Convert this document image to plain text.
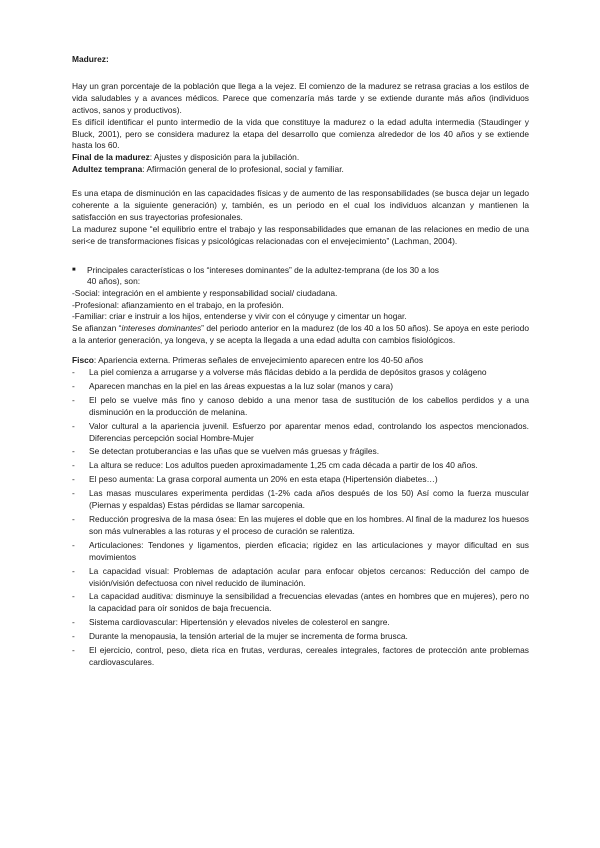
Madurez:

Hay un gran porcentaje de la población que llega a la vejez. El comienzo de la madurez se retrasa gracias a los estilos de vida saludables y a avances médicos. Parece que comenzaría más tarde y se extiende durante más años (individuos activos, sanos y productivos).

Es difícil identificar el punto intermedio de la vida que constituye la madurez o la edad adulta intermedia (Staudinger y Bluck, 2001), pero se considera madurez la etapa del desarrollo que comienza alrededor de los 40 años y se extiende hasta los 60.

Final de la madurez: Ajustes y disposición para la jubilación.

Adultez temprana: Afirmación general de lo profesional, social y familiar.

Es una etapa de disminución en las capacidades físicas y de aumento de las responsabilidades (se busca dejar un legado coherente a la siguiente generación) y, también, es un periodo en el cual los individuos alcanzan y mantienen la satisfacción en sus trayectorias profesionales.

La madurez supone “el equilibrio entre el trabajo y las responsabilidades que emanan de las relaciones en medio de una seri<e de transformaciones físicas y psicológicas relacionadas con el envejecimiento” (Lachman, 2004).

■ Principales características o los “intereses dominantes” de la adultez-temprana (de los 30 a los
40 años), son:

-Social: integración en el ambiente y responsabilidad social/ ciudadana.

-Profesional: afianzamiento en el trabajo, en la profesión.

-Familiar: criar e instruir a los hijos, entenderse y vivir con el cónyuge y cimentar un hogar.

Se afianzan “intereses dominantes” del periodo anterior en la madurez (de los 40 a los 50 años). Se apoya en este periodo a la anterior generación, ya longeva, y se acepta la llegada a una edad adulta con cambios fisiológicos.

Fisco: Apariencia externa. Primeras señales de envejecimiento aparecen entre los 40-50 años

- La piel comienza a arrugarse y a volverse más flácidas debido a la perdida de depósitos grasos y colágeno
- Aparecen manchas en la piel en las áreas expuestas a la luz solar (manos y cara)
- El pelo se vuelve más fino y canoso debido a una menor tasa de sustitución de los cabellos perdidos y a una disminución en la producción de melanina.
- Valor cultural a la apariencia juvenil. Esfuerzo por aparentar menos edad, controlando los aspectos mencionados. Diferencias percepción social Hombre-Mujer
- Se detectan protuberancias e las uñas que se vuelven más gruesas y frágiles.
- La altura se reduce: Los adultos pueden aproximadamente 1,25 cm cada década a partir de los 40 años.
- El peso aumenta: La grasa corporal aumenta un 20% en esta etapa (Hipertensión diabetes…)
- Las masas musculares experimenta perdidas (1-2% cada años después de los 50) Así como la fuerza muscular (Piernas y espaldas) Estas pérdidas se llamar sarcopenia.
- Reducción progresiva de la masa ósea: En las mujeres el doble que en los hombres. Al final de la madurez los huesos son más vulnerables a las roturas y el proceso de curación se ralentiza.
- Articulaciones: Tendones y ligamentos, pierden eficacia; rigidez en las articulaciones y mayor dificultad en sus movimientos
- La capacidad visual: Problemas de adaptación acular para enfocar objetos cercanos: Reducción del campo de visión/visión defectuosa con nivel reducido de iluminación.
- La capacidad auditiva: disminuye la sensibilidad a frecuencias elevadas (antes en hombres que en mujeres), pero no la capacidad para oír sonidos de baja frecuencia.
- Sistema cardiovascular: Hipertensión y elevados niveles de colesterol en sangre.
- Durante la menopausia, la tensión arterial de la mujer se incrementa de forma brusca.
- El ejercicio, control, peso, dieta rica en frutas, verduras, cereales integrales, factores de protección ante problemas cardiovasculares.
